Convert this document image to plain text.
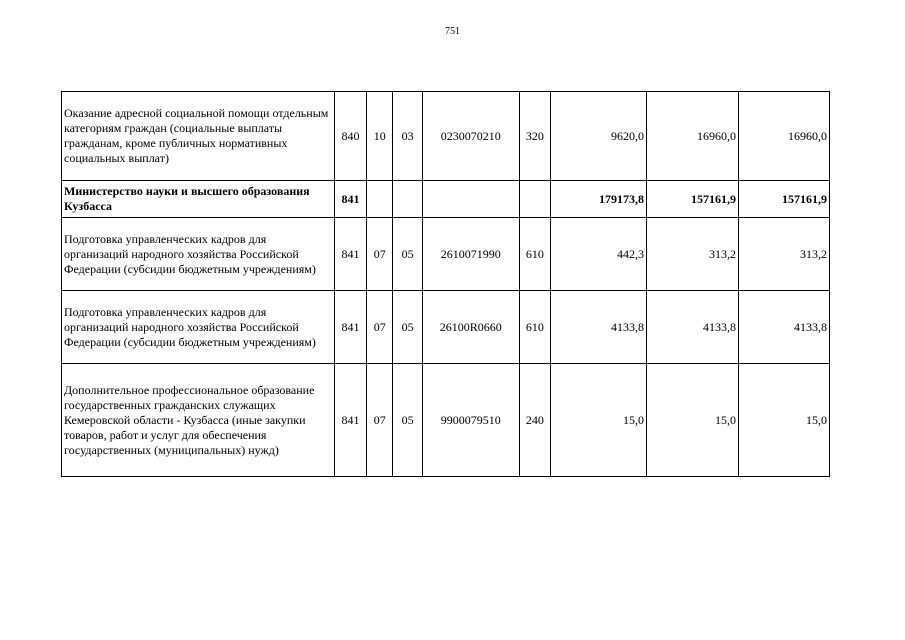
751
Оказание адресной социальной помощи отдельным категориям граждан (социальные выплаты гражданам, кроме публичных нормативных социальных выплат)	840	10	03	0230070210	320	9620,0	16960,0	16960,0
Министерство науки и высшего образования Кузбасса	841					179173,8	157161,9	157161,9
Подготовка управленческих кадров для организаций народного хозяйства Российской Федерации (субсидии бюджетным учреждениям)	841	07	05	2610071990	610	442,3	313,2	313,2
Подготовка управленческих кадров для организаций народного хозяйства Российской Федерации (субсидии бюджетным учреждениям)	841	07	05	26100R0660	610	4133,8	4133,8	4133,8
Дополнительное профессиональное образование государственных гражданских служащих Кемеровской области - Кузбасса (иные закупки товаров, работ и услуг для обеспечения государственных (муниципальных) нужд)	841	07	05	9900079510	240	15,0	15,0	15,0
